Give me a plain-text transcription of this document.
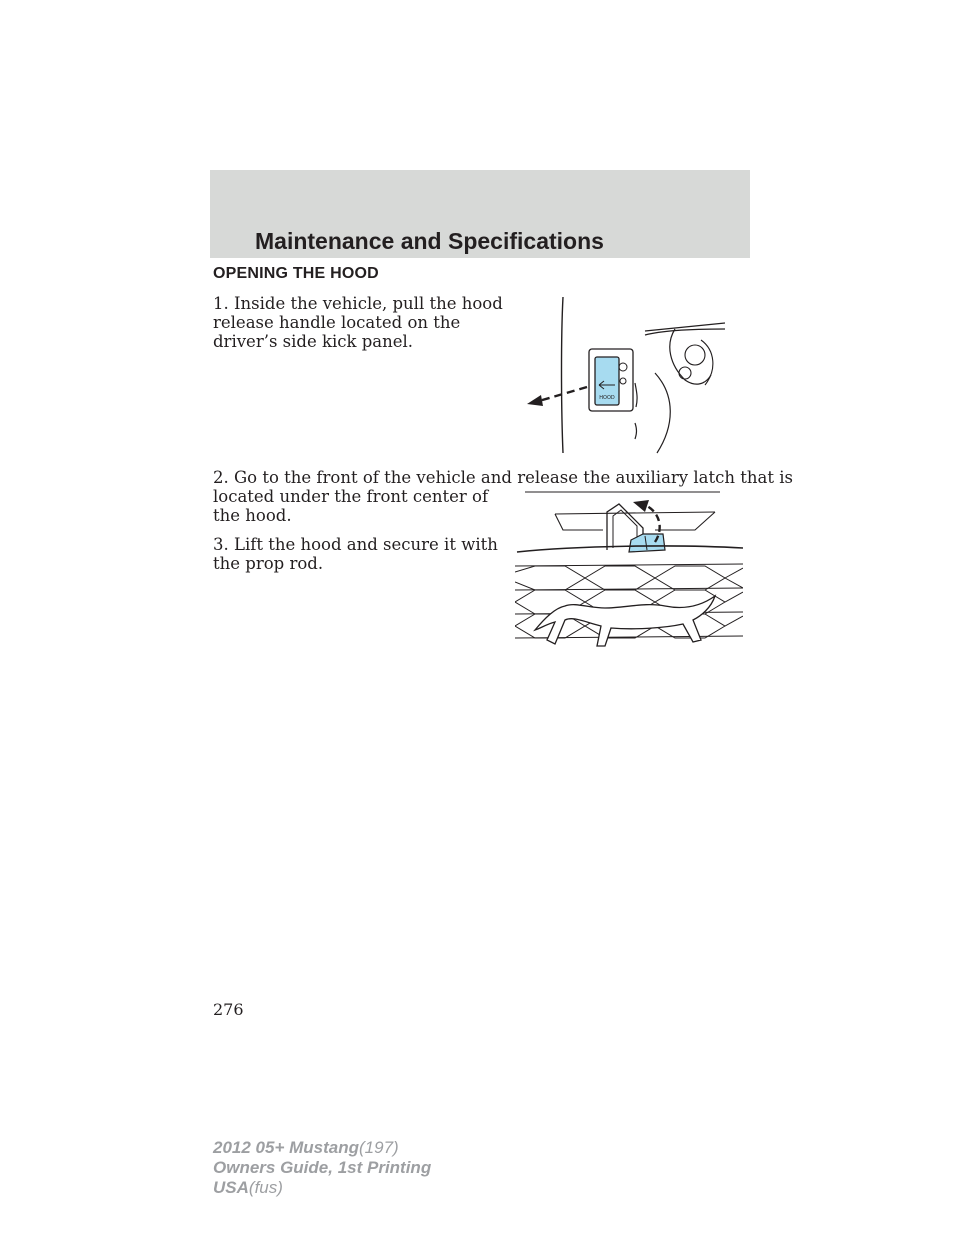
Maintenance and Specifications
OPENING THE HOOD
1. Inside the vehicle, pull the hood
release handle located on the
driver’s side kick panel.
HOOD
2. Go to the front of the vehicle and release the auxiliary latch that is
located under the front center of
the hood.
3. Lift the hood and secure it with
the prop rod.
276
2012 05+ Mustang(197)
Owners Guide, 1st Printing
USA(fus)
